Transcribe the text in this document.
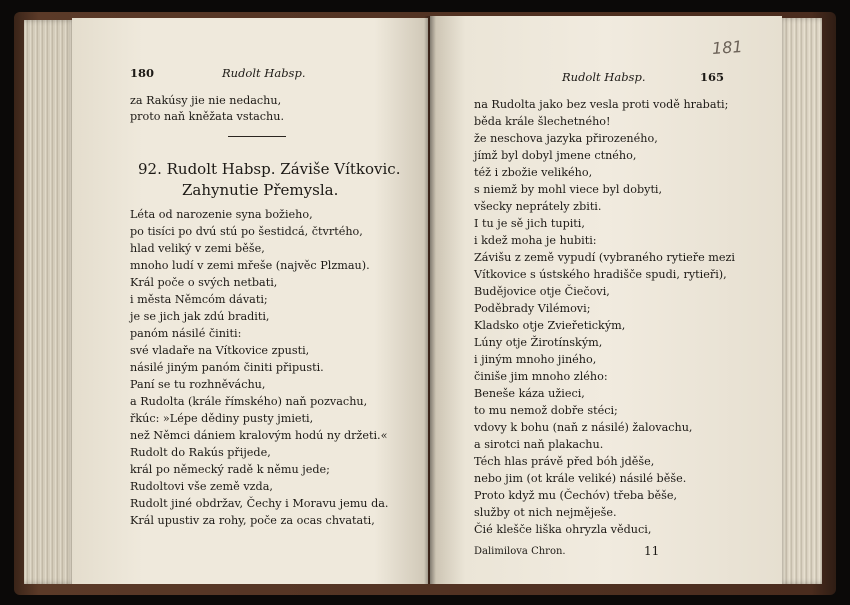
180	Rudolt Habsp.
za Rakúsy jie nie nedachu,
proto naň kněžata vstachu.
92. Rudolt Habsp. Záviše Vítkovic.
Zahynutie Přemysla.
Léta od narozenie syna božieho,
po tisíci po dvú stú po šestidcá, čtvrtého,
hlad veliký v zemi běše,
mnoho ludí v zemi mřeše (najvěc Plzmau).
Král poče o svých netbati,
i města Němcóm dávati;
je se jich jak zdú braditi,
panóm násilé činiti:
své vladaře na Vítkovice zpusti,
násilé jiným panóm činiti připusti.
Paní se tu rozhněváchu,
a Rudolta (krále římského) naň pozvachu,
řkúc: »Lépe dědiny pusty jmieti,
než Němci dániem kralovým hodú ny držeti.«
Rudolt do Rakús přijede,
král po německý radě k němu jede;
Rudoltovi vše země vzda,
Rudolt jiné obdržav, Čechy i Moravu jemu da.
Král upustiv za rohy, poče za ocas chvatati,
181
Rudolt Habsp.	165
na Rudolta jako bez vesla proti vodě hrabati;
běda krále šlechetného!
že neschova jazyka přirozeného,
jímž byl dobyl jmene ctného,
též i zbožie velikého,
s niemž by mohl viece byl dobyti,
všecky neprátely zbiti.
I tu je sě jich tupiti,
i kdež moha je hubiti:
Závišu z země vypudí (vybraného rytieře mezi
Vítkovice s ústského hradišče spudi, rytieři),
Budějovice otje Čiečovi,
Poděbrady Vilémovi;
Kladsko otje Zvieřetickým,
Lúny otje Žirotínským,
i jiným mnoho jiného,
činiše jim mnoho zlého:
Beneše káza užieci,
to mu nemož dobře stéci;
vdovy k bohu (naň z násilé) žalovachu,
a sirotci naň plakachu.
Téch hlas právě před bóh jděše,
nebo jim (ot krále veliké) násilé běše.
Proto když mu (Čechóv) třeba běše,
služby ot nich nejměješe.
Čié klešče liška ohryzla věduci,
Dalimilova Chron.	11
